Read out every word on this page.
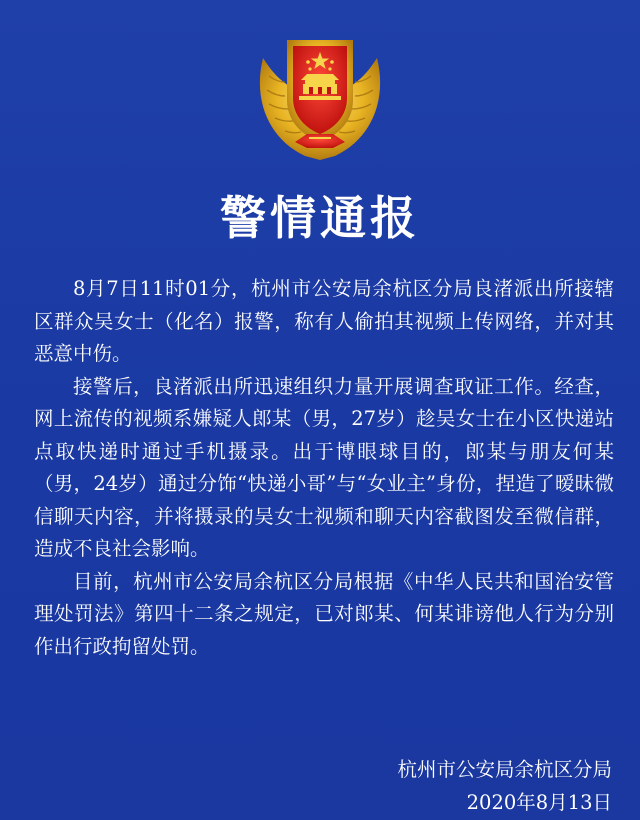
警情通报

8月7日11时01分，杭州市公安局余杭区分局良渚派出所接辖区群众吴女士（化名）报警，称有人偷拍其视频上传网络，并对其恶意中伤。

接警后，良渚派出所迅速组织力量开展调查取证工作。经查，网上流传的视频系嫌疑人郎某（男，27岁）趁吴女士在小区快递站点取快递时通过手机摄录。出于博眼球目的，郎某与朋友何某（男，24岁）通过分饰“快递小哥”与“女业主”身份，捏造了暧昧微信聊天内容，并将摄录的吴女士视频和聊天内容截图发至微信群，造成不良社会影响。

目前，杭州市公安局余杭区分局根据《中华人民共和国治安管理处罚法》第四十二条之规定，已对郎某、何某诽谤他人行为分别作出行政拘留处罚。

杭州市公安局余杭区分局
2020年8月13日
